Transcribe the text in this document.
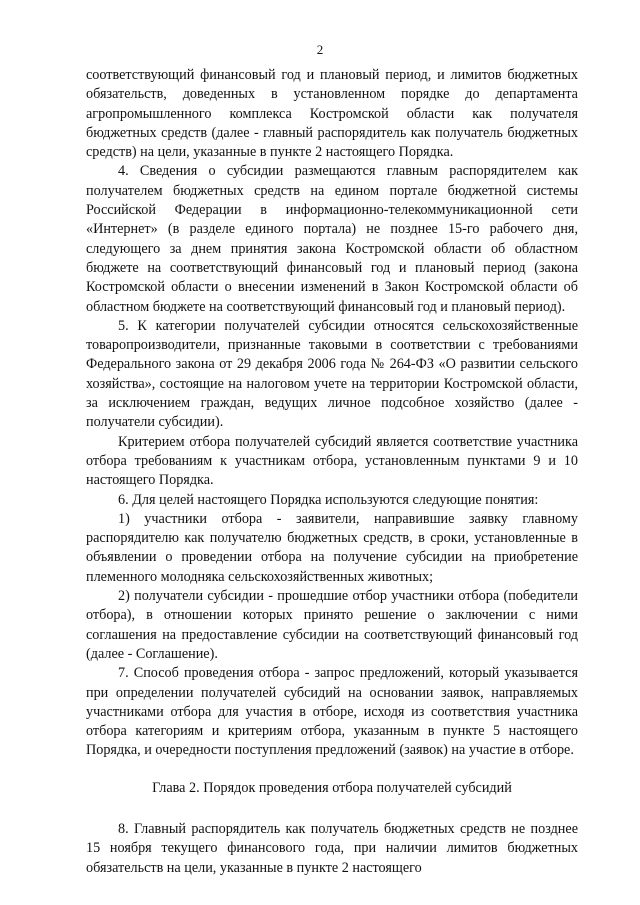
2

соответствующий финансовый год и плановый период, и лимитов бюджетных обязательств, доведенных в установленном порядке до департамента агропромышленного комплекса Костромской области как получателя бюджетных средств (далее - главный распорядитель как получатель бюджетных средств) на цели, указанные в пункте 2 настоящего Порядка.

4. Сведения о субсидии размещаются главным распорядителем как получателем бюджетных средств на едином портале бюджетной системы Российской Федерации в информационно-телекоммуникационной сети «Интернет» (в разделе единого портала) не позднее 15-го рабочего дня, следующего за днем принятия закона Костромской области об областном бюджете на соответствующий финансовый год и плановый период (закона Костромской области о внесении изменений в Закон Костромской области об областном бюджете на соответствующий финансовый год и плановый период).

5. К категории получателей субсидии относятся сельскохозяйственные товаропроизводители, признанные таковыми в соответствии с требованиями Федерального закона от 29 декабря 2006 года № 264-ФЗ «О развитии сельского хозяйства», состоящие на налоговом учете на территории Костромской области, за исключением граждан, ведущих личное подсобное хозяйство (далее - получатели субсидии).

Критерием отбора получателей субсидий является соответствие участника отбора требованиям к участникам отбора, установленным пунктами 9 и 10 настоящего Порядка.

6. Для целей настоящего Порядка используются следующие понятия:

1) участники отбора - заявители, направившие заявку главному распорядителю как получателю бюджетных средств, в сроки, установленные в объявлении о проведении отбора на получение субсидии на приобретение племенного молодняка сельскохозяйственных животных;

2) получатели субсидии - прошедшие отбор участники отбора (победители отбора), в отношении которых принято решение о заключении с ними соглашения на предоставление субсидии на соответствующий финансовый год (далее - Соглашение).

7. Способ проведения отбора - запрос предложений, который указывается при определении получателей субсидий на основании заявок, направляемых участниками отбора для участия в отборе, исходя из соответствия участника отбора категориям и критериям отбора, указанным в пункте 5 настоящего Порядка, и очередности поступления предложений (заявок) на участие в отборе.

Глава 2. Порядок проведения отбора получателей субсидий

8. Главный распорядитель как получатель бюджетных средств не позднее 15 ноября текущего финансового года, при наличии лимитов бюджетных обязательств на цели, указанные в пункте 2 настоящего
